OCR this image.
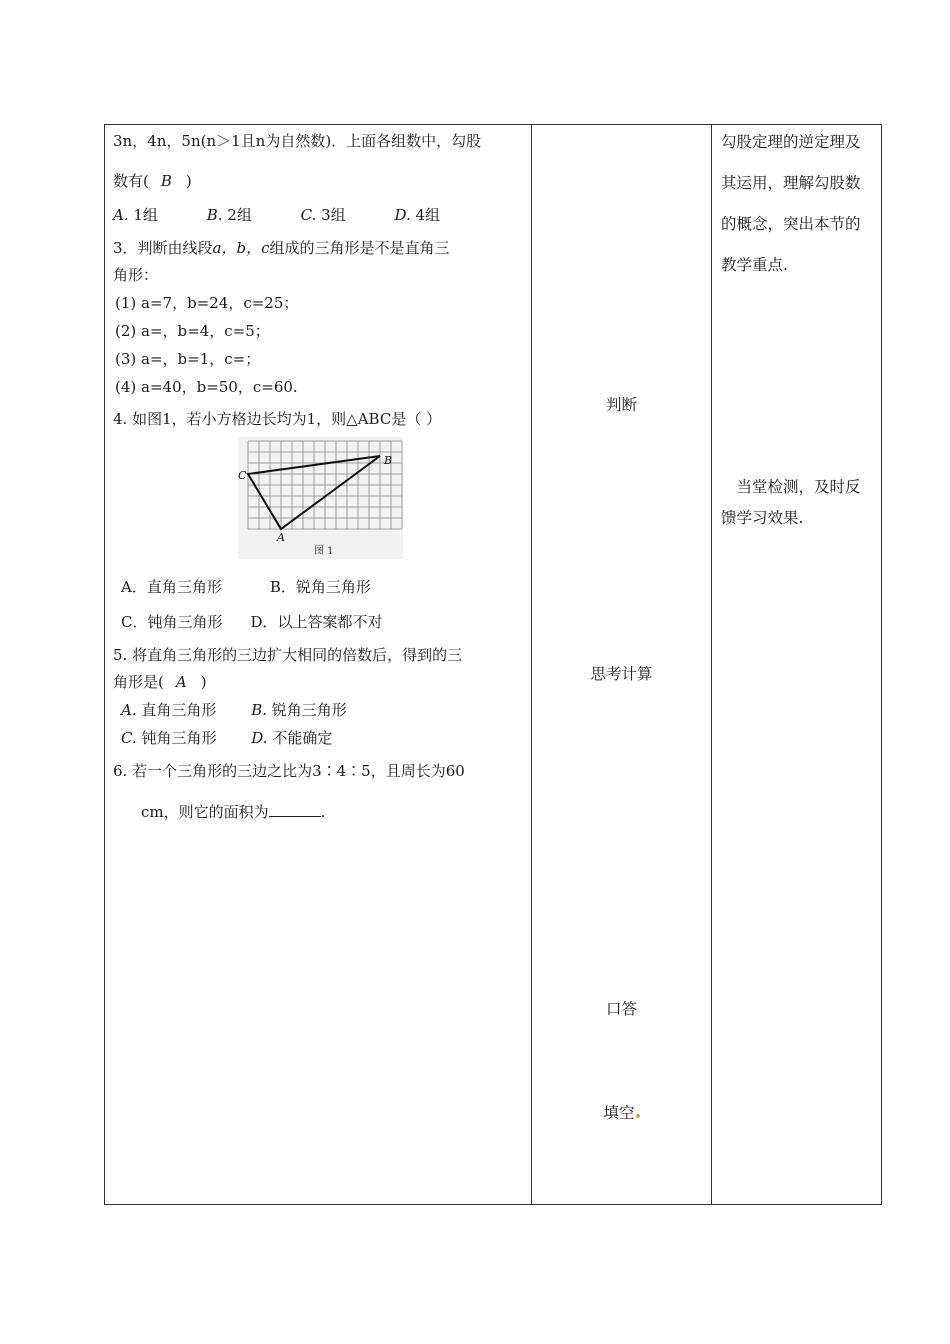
3n，4n，5n(n＞1且n为自然数)．上面各组数中，勾股
数有( B )
A. 1组	B. 2组	C. 3组	D. 4组
3．判断由线段a，b，c组成的三角形是不是直角三
角形：
(1) a=7，b=24，c=25；
(2) a=，b=4，c=5；
(3) a=，b=1，c=；
(4) a=40，b=50，c=60.
4. 如图1，若小方格边长均为1，则△ABC是（ ）
C
B
A
图 1
A．直角三角形	B．锐角三角形
C．钝角三角形 D．以上答案都不对
5. 将直角三角形的三边扩大相同的倍数后，得到的三
角形是( A )
A. 直角三角形 B. 锐角三角形
C. 钝角三角形 D. 不能确定
6. 若一个三角形的三边之比为3∶4∶5，且周长为60
cm，则它的面积为	.
判断
思考计算
口答
填空
勾股定理的逆定理及
其运用，理解勾股数
的概念，突出本节的
教学重点.
　当堂检测，及时反
馈学习效果.
